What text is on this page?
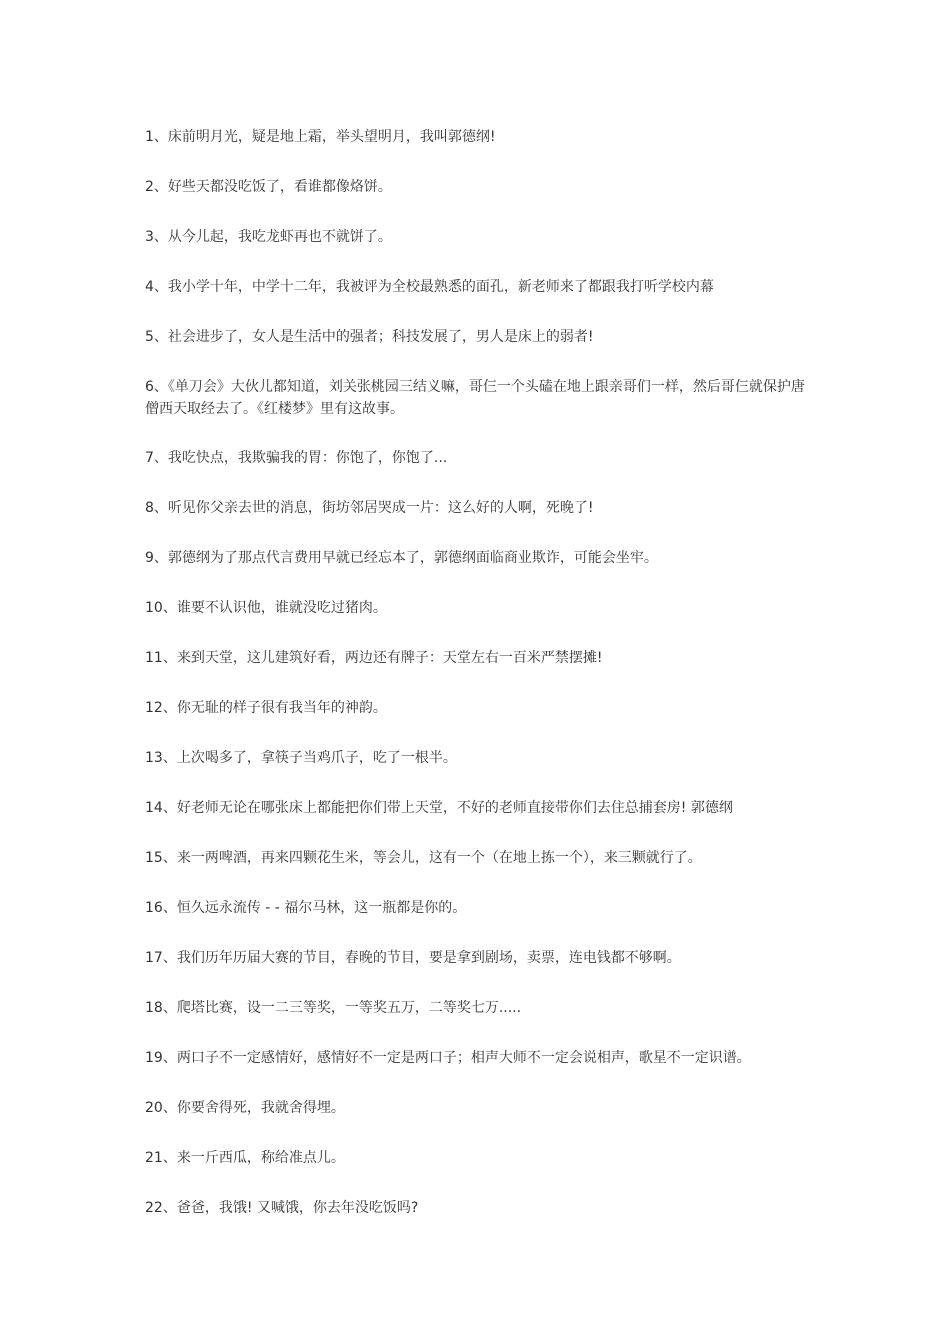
1、床前明月光，疑是地上霜，举头望明月，我叫郭德纲!

2、好些天都没吃饭了，看谁都像烙饼。

3、从今儿起，我吃龙虾再也不就饼了。

4、我小学十年，中学十二年，我被评为全校最熟悉的面孔，新老师来了都跟我打听学校内幕

5、社会进步了，女人是生活中的强者；科技发展了，男人是床上的弱者!

6、《单刀会》大伙儿都知道，刘关张桃园三结义嘛，哥仨一个头磕在地上跟亲哥们一样，然后哥仨就保护唐僧西天取经去了。《红楼梦》里有这故事。

7、我吃快点，我欺骗我的胃：你饱了，你饱了...

8、听见你父亲去世的消息，街坊邻居哭成一片：这么好的人啊，死晚了!

9、郭德纲为了那点代言费用早就已经忘本了，郭德纲面临商业欺诈，可能会坐牢。

10、谁要不认识他，谁就没吃过猪肉。

11、来到天堂，这儿建筑好看，两边还有牌子：天堂左右一百米严禁摆摊!

12、你无耻的样子很有我当年的神韵。

13、上次喝多了，拿筷子当鸡爪子，吃了一根半。

14、好老师无论在哪张床上都能把你们带上天堂，不好的老师直接带你们去住总捕套房! 郭德纲

15、来一两啤酒，再来四颗花生米，等会儿，这有一个（在地上拣一个），来三颗就行了。

16、恒久远永流传 - - 福尔马林，这一瓶都是你的。

17、我们历年历届大赛的节目，春晚的节目，要是拿到剧场，卖票，连电钱都不够啊。

18、爬塔比赛，设一二三等奖，一等奖五万，二等奖七万.....

19、两口子不一定感情好，感情好不一定是两口子；相声大师不一定会说相声，歌星不一定识谱。

20、你要舍得死，我就舍得埋。

21、来一斤西瓜，称给准点儿。

22、爸爸，我饿! 又喊饿，你去年没吃饭吗?
